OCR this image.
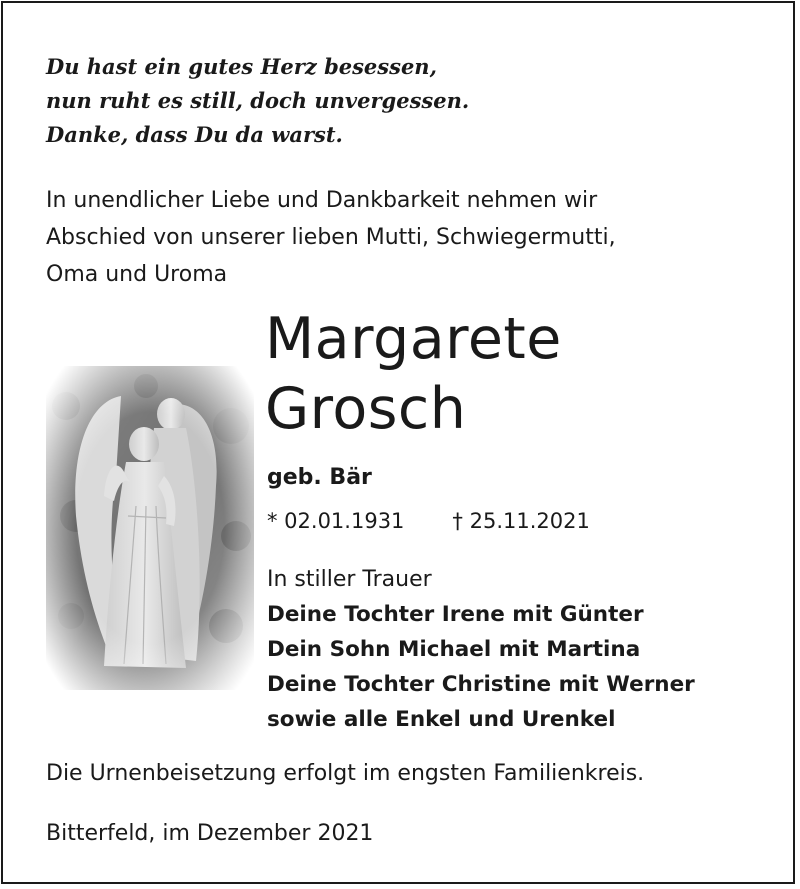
Du hast ein gutes Herz besessen,
nun ruht es still, doch unvergessen.
Danke, dass Du da warst.
In unendlicher Liebe und Dankbarkeit nehmen wir
Abschied von unserer lieben Mutti, Schwiegermutti,
Oma und Uroma
Margarete
Grosch
geb. Bär
* 02.01.1931 † 25.11.2021
In stiller Trauer
Deine Tochter Irene mit Günter
Dein Sohn Michael mit Martina
Deine Tochter Christine mit Werner
sowie alle Enkel und Urenkel
Die Urnenbeisetzung erfolgt im engsten Familienkreis.
Bitterfeld, im Dezember 2021
